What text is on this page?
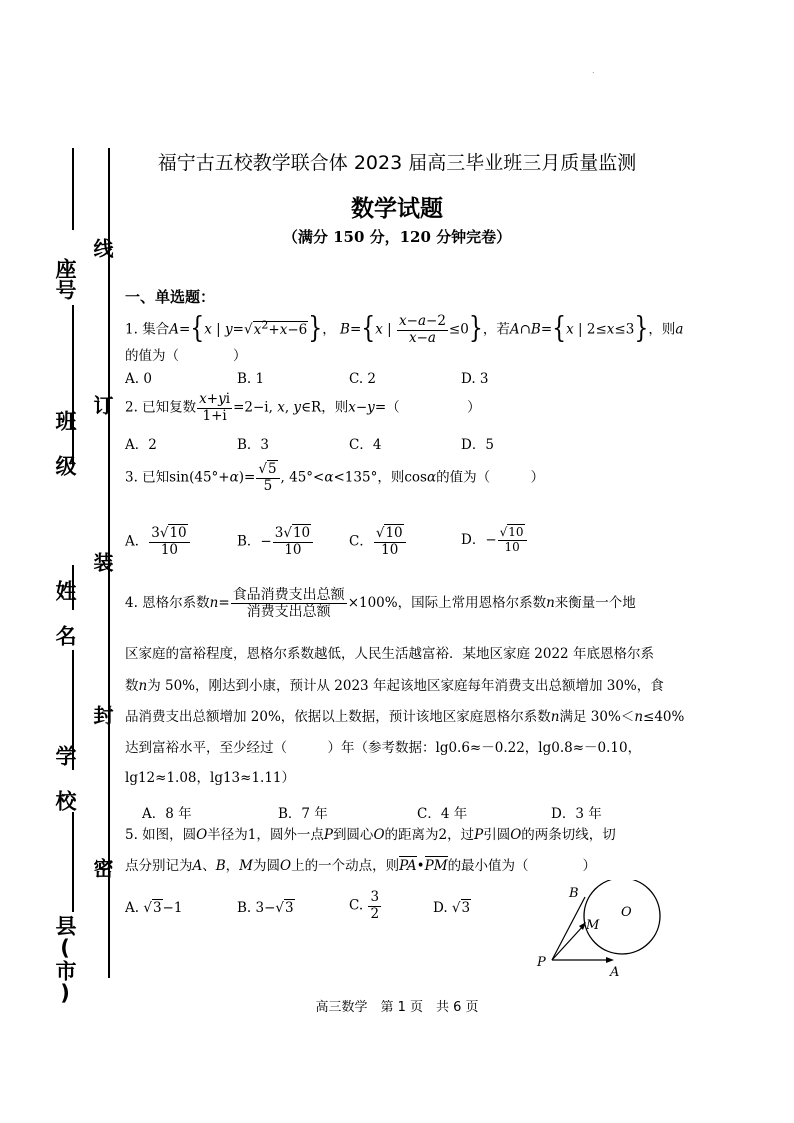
.
座号
班 级
姓 名
学 校
县(市)
线
订
装
封
密
福宁古五校教学联合体 2023 届高三毕业班三月质量监测
数学试题
（满分 150 分，120 分钟完卷）
一、单选题：
1. 集合A={x | $y=√x^2+x-6$}， B={x | $\frac{x-a-2}{x-a} \le 0$}，若A∩B={x | 2≤x≤3}，则a
的值为（　　　　）
A. 0	B. 1	C. 2	D. 3
2. 已知复数 $\frac{x+yi}{1+i} =2-i$, x, y∈R，则x−y=（　　　　　）
A．2	B．3	C．4	D．5
3. 已知$\sin(45^\circ+\alpha)= \frac{√5}{5}$ , 45°<α<135°，则cosα的值为（　　　）
A． $\frac{3√10}{10}$	B．− $\frac{3√10}{10}$	C． $\frac{√10}{10}$	D．− $\frac{√10}{10}$
4. 恩格尔系数$n= \frac{\text{食品消费支出总额}}{\text{消费支出总额}} \times 100\%$，国际上常用恩格尔系数n来衡量一个地
区家庭的富裕程度，恩格尔系数越低，人民生活越富裕．某地区家庭 2022 年底恩格尔系
数n为 50%，刚达到小康，预计从 2023 年起该地区家庭每年消费支出总额增加 30%，食
品消费支出总额增加 20%，依据以上数据，预计该地区家庭恩格尔系数n满足 30%＜n≤40%
达到富裕水平，至少经过（　　　）年（参考数据：lg0.6≈－0.22，lg0.8≈－0.10，
lg12≈1.08，lg13≈1.11）
A．8 年	B．7 年	C．4 年	D．3 年
5. 如图，圆O半径为1，圆外一点P到圆心O的距离为2，过P引圆O的两条切线，切
点分别记为A、B，M为圆O上的一个动点，则PA•PM的最小值为（　　　　）
A. √3−1	B. 3−√3	C. $\frac{3}{2}$	D. √3
B
M
O
P
A
高三数学　第 1 页　共 6 页
